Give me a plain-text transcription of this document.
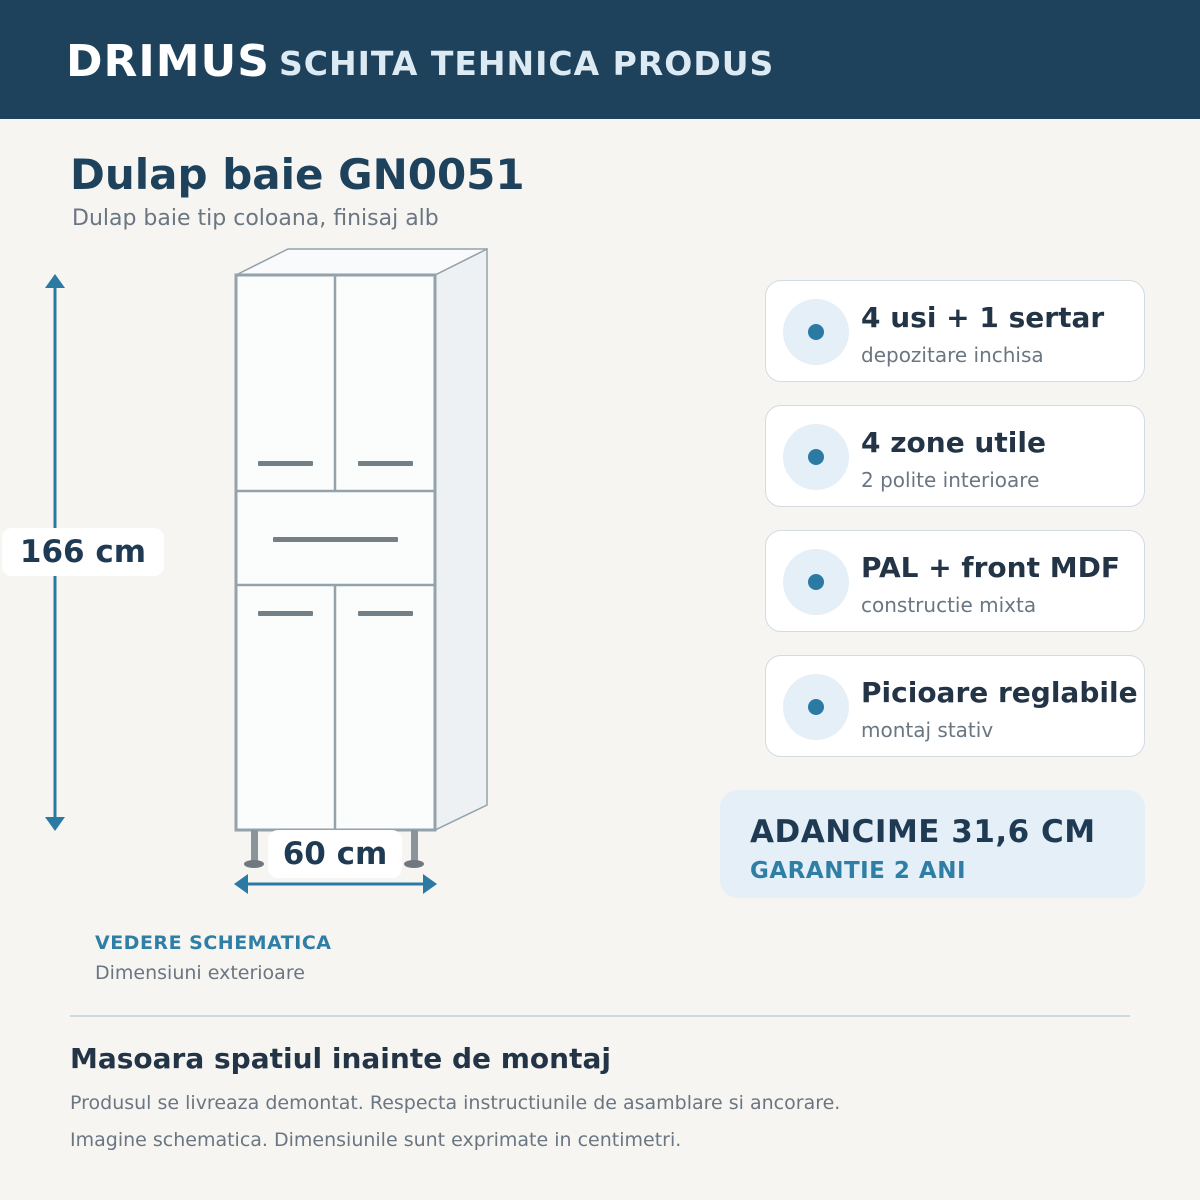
DRIMUS SCHITA TEHNICA PRODUS
Dulap baie GN0051
Dulap baie tip coloana, finisaj alb
166 cm
60 cm
VEDERE SCHEMATICA
Dimensiuni exterioare
4 usi + 1 sertar
depozitare inchisa
4 zone utile
2 polite interioare
PAL + front MDF
constructie mixta
Picioare reglabile
montaj stativ
ADANCIME 31,6 CM
GARANTIE 2 ANI
Masoara spatiul inainte de montaj
Produsul se livreaza demontat. Respecta instructiunile de asamblare si ancorare.
Imagine schematica. Dimensiunile sunt exprimate in centimetri.
